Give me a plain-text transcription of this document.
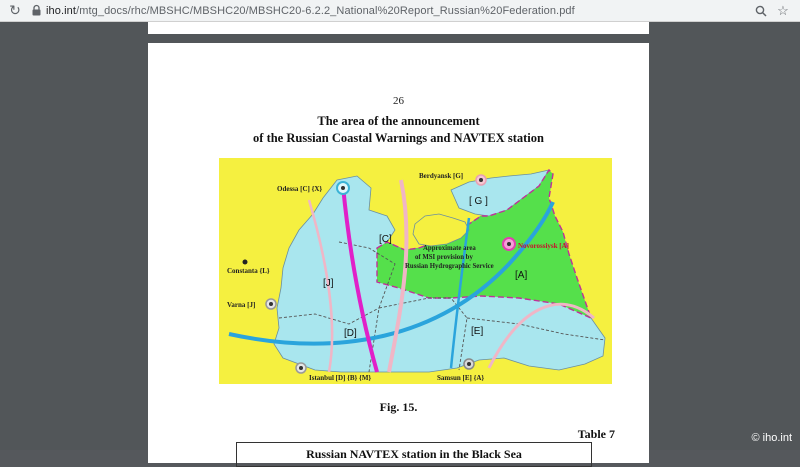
↻	iho.int/mtg_docs/rhc/MBSHC/MBSHC20/MBSHC20-6.2.2_National%20Report_Russian%20Federation.pdf	☆
26
The area of the announcement
of the Russian Coastal Warnings and NAVTEX station
Odessa [C] {X}
Berdyansk [G]
Novorossiysk [A]
Constanta {L}
Varna [J]
Istanbul [D] {B} {M}	Samsun [E] {A}
[C]
[ G ]
[J]
[D]	[E]
[A]
Approximate area
of MSI provision by
Russian Hydrographic Service
Fig. 15.
Table 7
Russian NAVTEX station in the Black Sea
© iho.int
